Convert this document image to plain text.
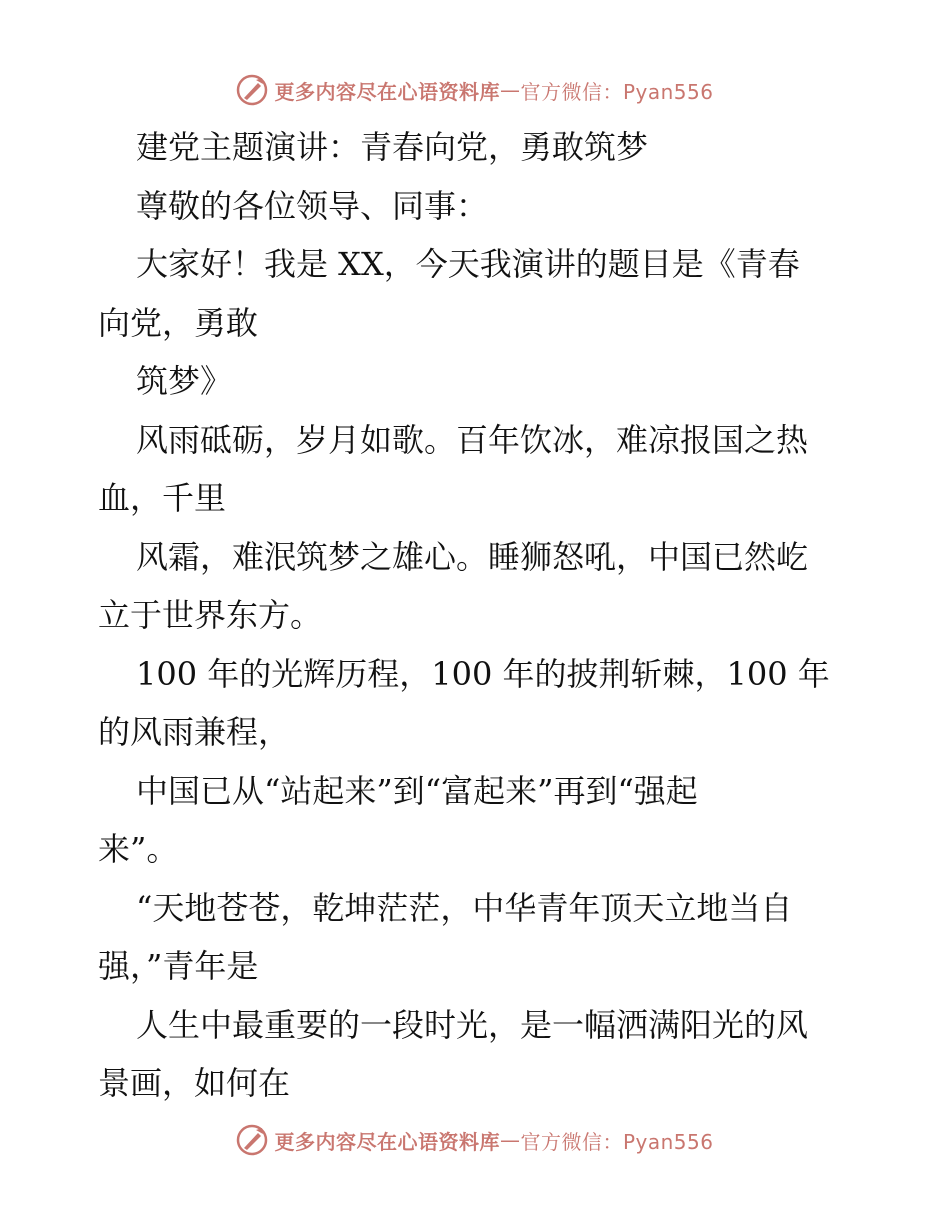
更多内容尽在心语资料库 — 官方微信：Pyan556
建党主题演讲：青春向党，勇敢筑梦
尊敬的各位领导、同事：
大家好！我是 XX，今天我演讲的题目是《青春
向党，勇敢
筑梦》
风雨砥砺，岁月如歌。百年饮冰，难凉报国之热
血，千里
风霜，难泯筑梦之雄心。睡狮怒吼，中国已然屹
立于世界东方。
100 年的光辉历程，100 年的披荆斩棘，100 年
的风雨兼程，
中国已从“站起来”到“富起来”再到“强起
来”。
“天地苍苍，乾坤茫茫，中华青年顶天立地当自
强，”青年是
人生中最重要的一段时光，是一幅洒满阳光的风
景画，如何在
更多内容尽在心语资料库 — 官方微信：Pyan556
